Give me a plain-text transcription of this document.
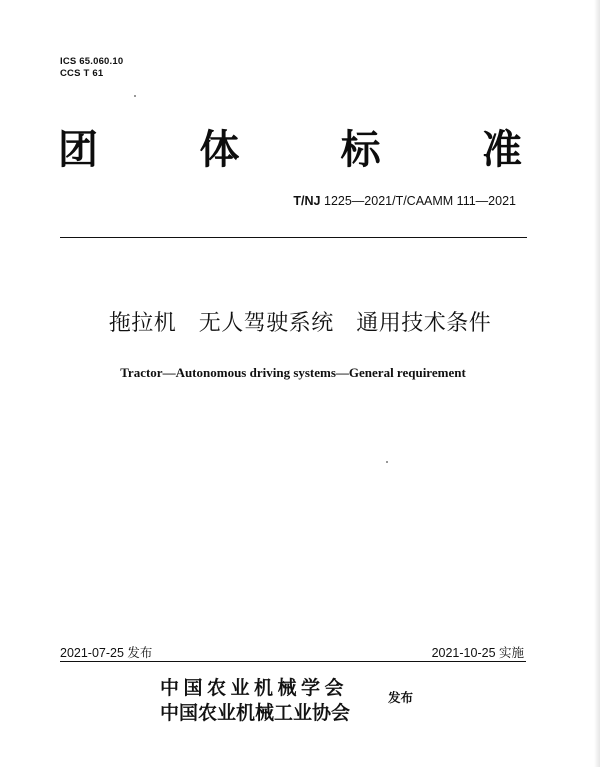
ICS 65.060.10
CCS T 61
团	体	标	准
T/NJ 1225—2021/T/CAAMM 111—2021
拖拉机　无人驾驶系统　通用技术条件
Tractor—Autonomous driving systems—General requirement
2021-07-25 发布	2021-10-25 实施
中国农业机械学会
中国农业机械工业协会
发布
